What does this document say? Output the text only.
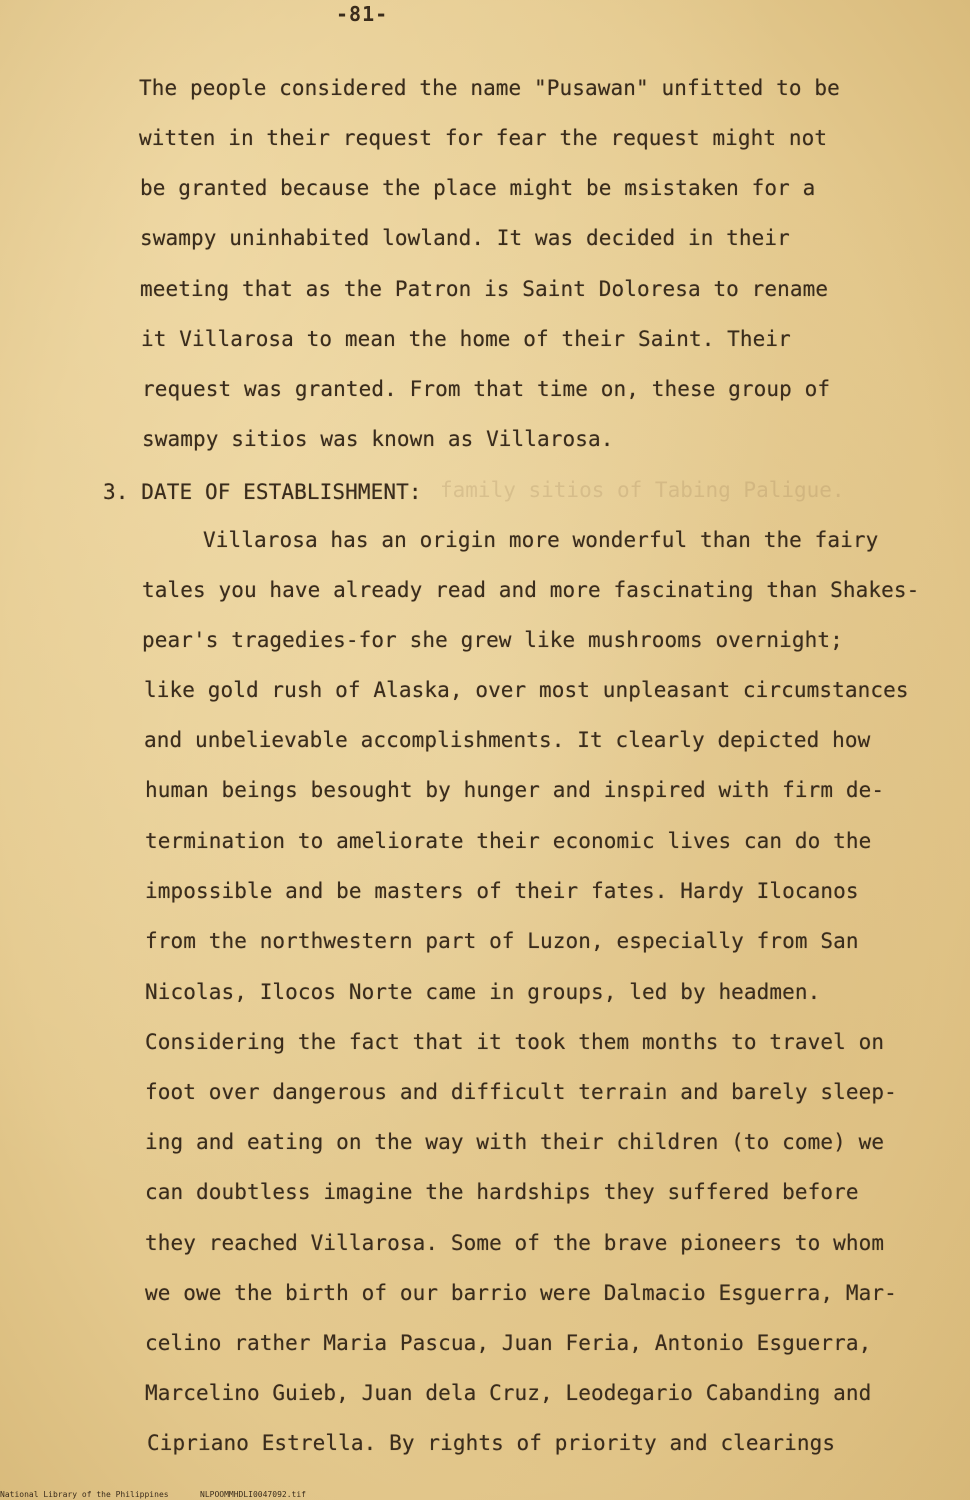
family sitios of Tabing Paligue.
-81-
The people considered the name "Pusawan" unfitted to be
witten in their request for fear the request might not
be granted because the place might be msistaken for a
swampy uninhabited lowland. It was decided in their
meeting that as the Patron is Saint Doloresa to rename
it Villarosa to mean the home of their Saint. Their
request was granted. From that time on, these group of
swampy sitios was known as Villarosa.
3. DATE OF ESTABLISHMENT:
Villarosa has an origin more wonderful than the fairy
tales you have already read and more fascinating than Shakes-
pear's tragedies-for she grew like mushrooms overnight;
like gold rush of Alaska, over most unpleasant circumstances
and unbelievable accomplishments. It clearly depicted how
human beings besought by hunger and inspired with firm de-
termination to ameliorate their economic lives can do the
impossible and be masters of their fates. Hardy Ilocanos
from the northwestern part of Luzon, especially from San
Nicolas, Ilocos Norte came in groups, led by headmen.
Considering the fact that it took them months to travel on
foot over dangerous and difficult terrain and barely sleep-
ing and eating on the way with their children (to come) we
can doubtless imagine the hardships they suffered before
they reached Villarosa. Some of the brave pioneers to whom
we owe the birth of our barrio were Dalmacio Esguerra, Mar-
celino rather Maria Pascua, Juan Feria, Antonio Esguerra,
Marcelino Guieb, Juan dela Cruz, Leodegario Cabanding and
Cipriano Estrella. By rights of priority and clearings
National Library of the Philippines	NLPOOMMHDLI0047092.tif
